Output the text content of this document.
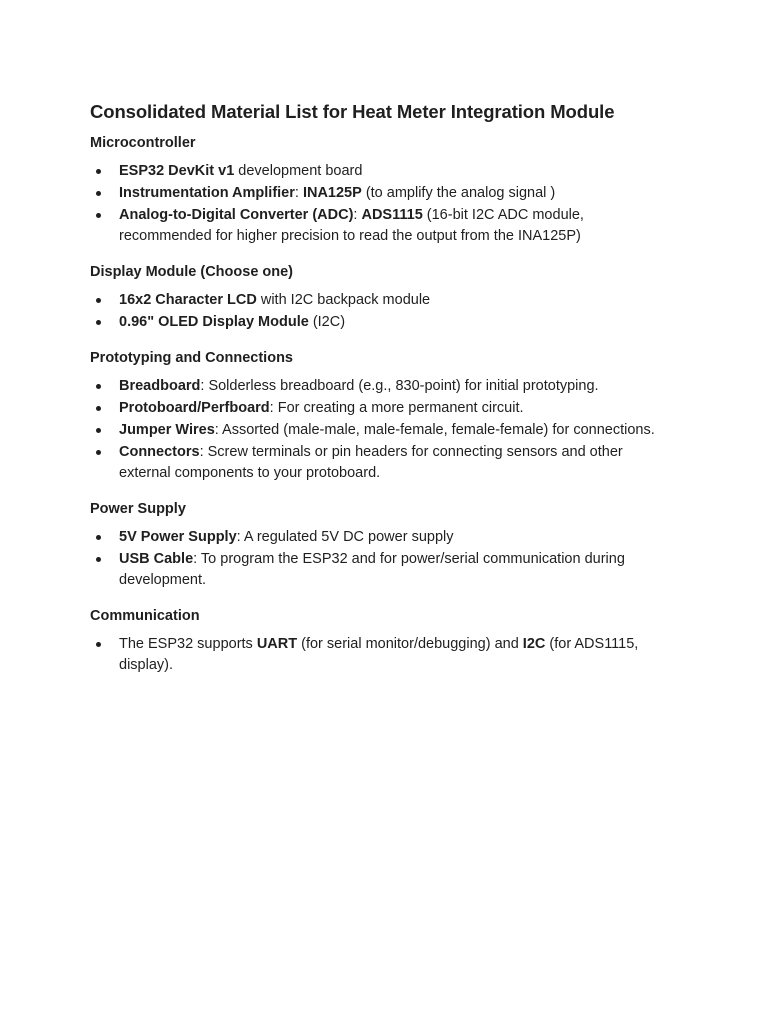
Consolidated Material List for Heat Meter Integration Module
Microcontroller
ESP32 DevKit v1 development board
Instrumentation Amplifier: INA125P (to amplify the analog signal )
Analog-to-Digital Converter (ADC): ADS1115 (16-bit I2C ADC module, recommended for higher precision to read the output from the INA125P)
Display Module (Choose one)
16x2 Character LCD with I2C backpack module
0.96" OLED Display Module (I2C)
Prototyping and Connections
Breadboard: Solderless breadboard (e.g., 830-point) for initial prototyping.
Protoboard/Perfboard: For creating a more permanent circuit.
Jumper Wires: Assorted (male-male, male-female, female-female) for connections.
Connectors: Screw terminals or pin headers for connecting sensors and other external components to your protoboard.
Power Supply
5V Power Supply: A regulated 5V DC power supply
USB Cable: To program the ESP32 and for power/serial communication during development.
Communication
The ESP32 supports UART (for serial monitor/debugging) and I2C (for ADS1115, display).
